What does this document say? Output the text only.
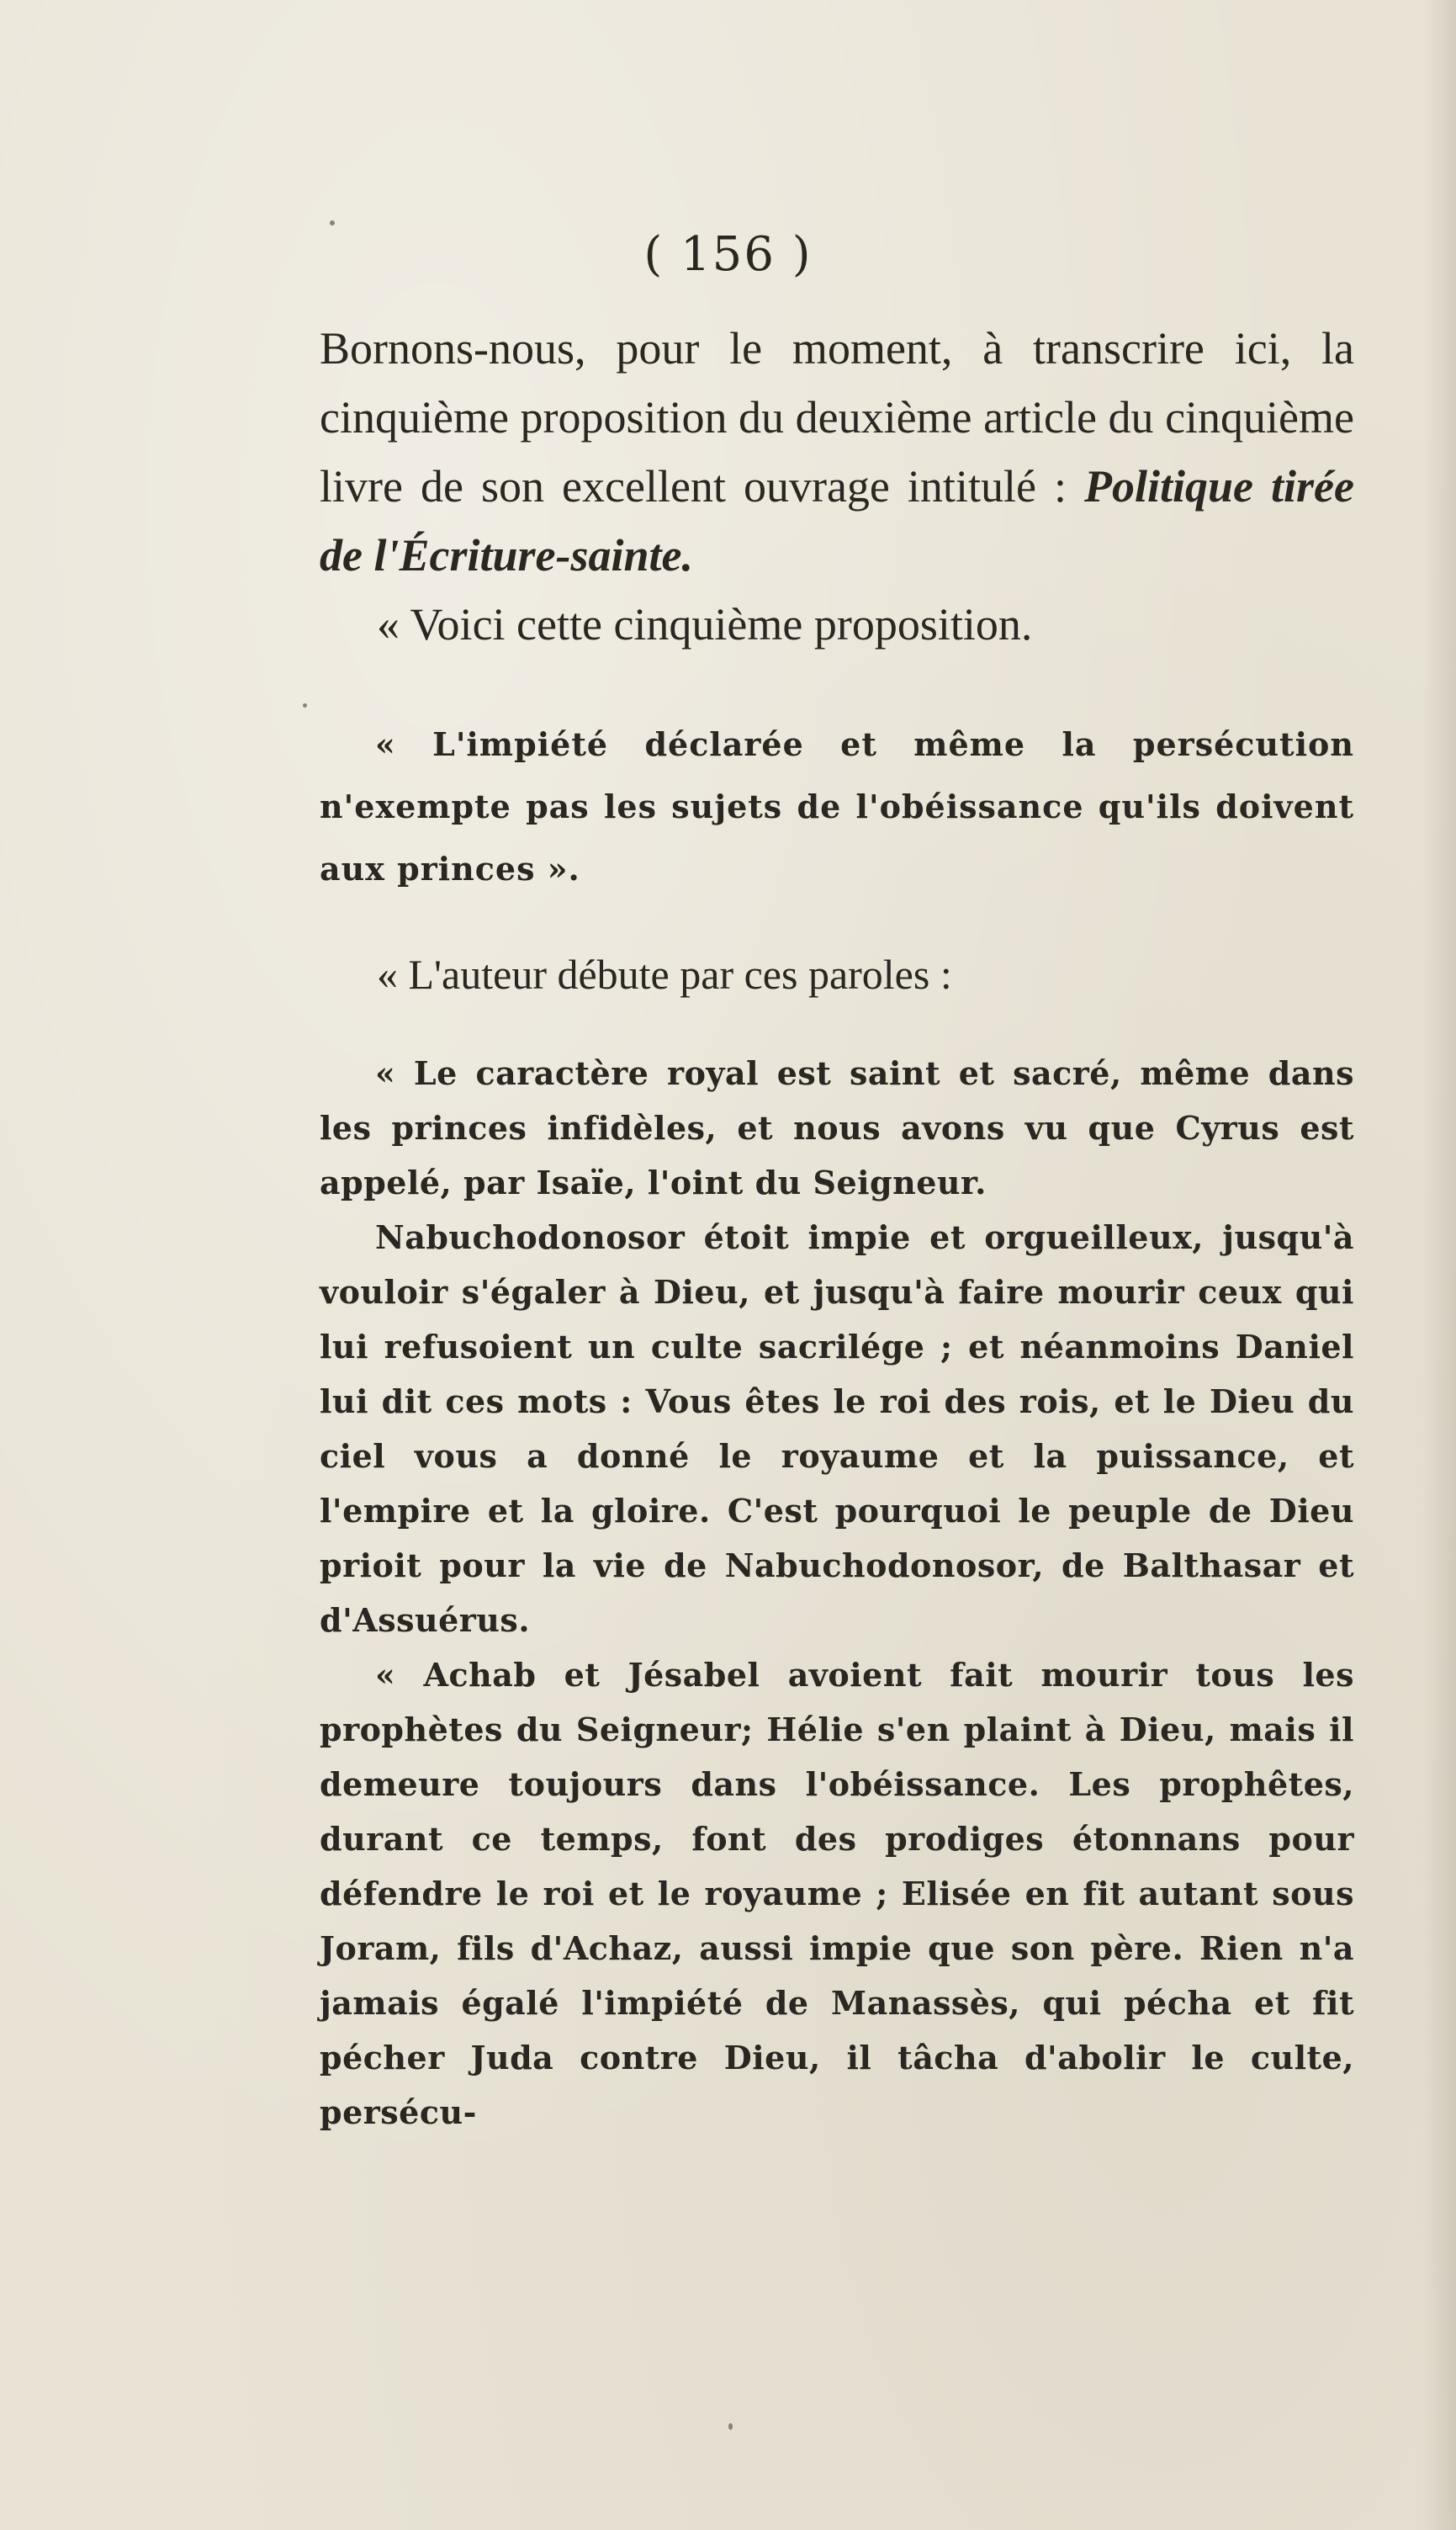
( 156 )

Bornons-nous, pour le moment, à transcrire ici, la cinquième proposition du deuxième article du cinquième livre de son excellent ouvrage intitulé : Politique tirée de l'Écriture-sainte.

« Voici cette cinquième proposition.

« L'impiété déclarée et même la persécution n'exempte pas les sujets de l'obéissance qu'ils doivent aux princes ».

« L'auteur débute par ces paroles :

« Le caractère royal est saint et sacré, même dans les princes infidèles, et nous avons vu que Cyrus est appelé, par Isaïe, l'oint du Seigneur.

Nabuchodonosor étoit impie et orgueilleux, jusqu'à vouloir s'égaler à Dieu, et jusqu'à faire mourir ceux qui lui refusoient un culte sacrilége ; et néanmoins Daniel lui dit ces mots : Vous êtes le roi des rois, et le Dieu du ciel vous a donné le royaume et la puissance, et l'empire et la gloire. C'est pourquoi le peuple de Dieu prioit pour la vie de Nabuchodonosor, de Balthasar et d'Assuérus.

« Achab et Jésabel avoient fait mourir tous les prophètes du Seigneur; Hélie s'en plaint à Dieu, mais il demeure toujours dans l'obéissance. Les prophêtes, durant ce temps, font des prodiges étonnans pour défendre le roi et le royaume ; Elisée en fit autant sous Joram, fils d'Achaz, aussi impie que son père. Rien n'a jamais égalé l'impiété de Manassès, qui pécha et fit pécher Juda contre Dieu, il tâcha d'abolir le culte, persécu-
